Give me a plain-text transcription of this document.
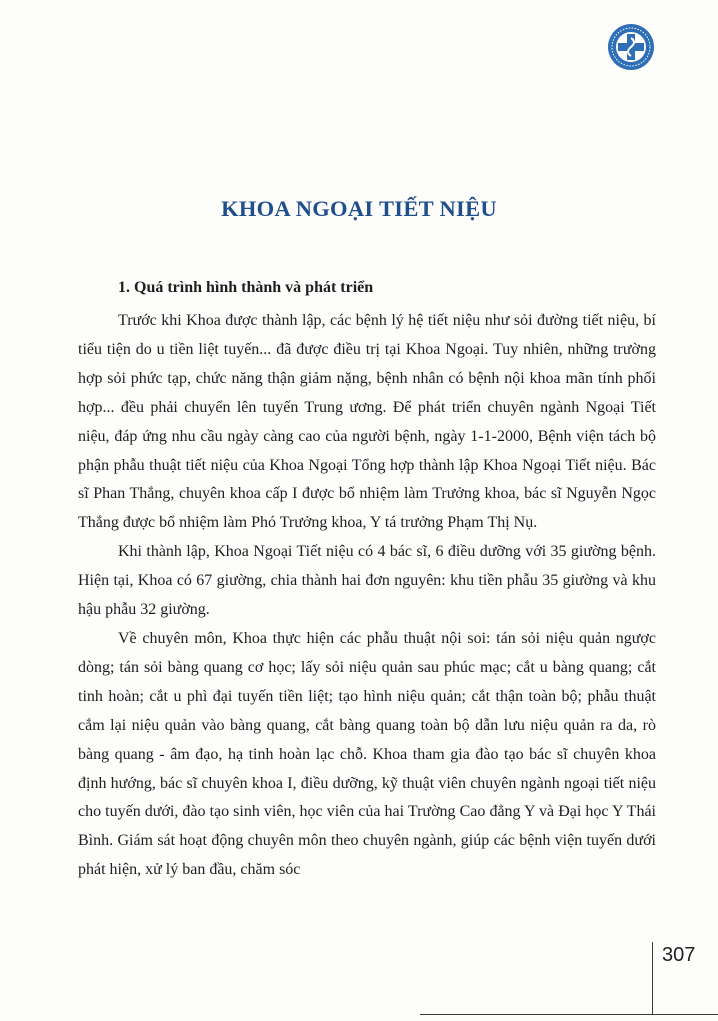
KHOA NGOẠI TIẾT NIỆU
1. Quá trình hình thành và phát triển

Trước khi Khoa được thành lập, các bệnh lý hệ tiết niệu như sỏi đường tiết niệu, bí tiểu tiện do u tiền liệt tuyến... đã được điều trị tại Khoa Ngoại. Tuy nhiên, những trường hợp sỏi phức tạp, chức năng thận giảm nặng, bệnh nhân có bệnh nội khoa mãn tính phối hợp... đều phải chuyển lên tuyến Trung ương. Để phát triển chuyên ngành Ngoại Tiết niệu, đáp ứng nhu cầu ngày càng cao của người bệnh, ngày 1-1-2000, Bệnh viện tách bộ phận phẫu thuật tiết niệu của Khoa Ngoại Tổng hợp thành lập Khoa Ngoại Tiết niệu. Bác sĩ Phan Thắng, chuyên khoa cấp I được bổ nhiệm làm Trưởng khoa, bác sĩ Nguyễn Ngọc Thắng được bổ nhiệm làm Phó Trưởng khoa, Y tá trưởng Phạm Thị Nụ.

Khi thành lập, Khoa Ngoại Tiết niệu có 4 bác sĩ, 6 điều dưỡng với 35 giường bệnh. Hiện tại, Khoa có 67 giường, chia thành hai đơn nguyên: khu tiền phẫu 35 giường và khu hậu phẫu 32 giường.

Về chuyên môn, Khoa thực hiện các phẫu thuật nội soi: tán sỏi niệu quản ngược dòng; tán sỏi bàng quang cơ học; lấy sỏi niệu quản sau phúc mạc; cắt u bàng quang; cắt tinh hoàn; cắt u phì đại tuyến tiền liệt; tạo hình niệu quản; cắt thận toàn bộ; phẫu thuật cắm lại niệu quản vào bàng quang, cắt bàng quang toàn bộ dẫn lưu niệu quản ra da, rò bàng quang - âm đạo, hạ tinh hoàn lạc chỗ. Khoa tham gia đào tạo bác sĩ chuyên khoa định hướng, bác sĩ chuyên khoa I, điều dưỡng, kỹ thuật viên chuyên ngành ngoại tiết niệu cho tuyến dưới, đào tạo sinh viên, học viên của hai Trường Cao đẳng Y và Đại học Y Thái Bình. Giám sát hoạt động chuyên môn theo chuyên ngành, giúp các bệnh viện tuyến dưới phát hiện, xử lý ban đầu, chăm sóc

307
